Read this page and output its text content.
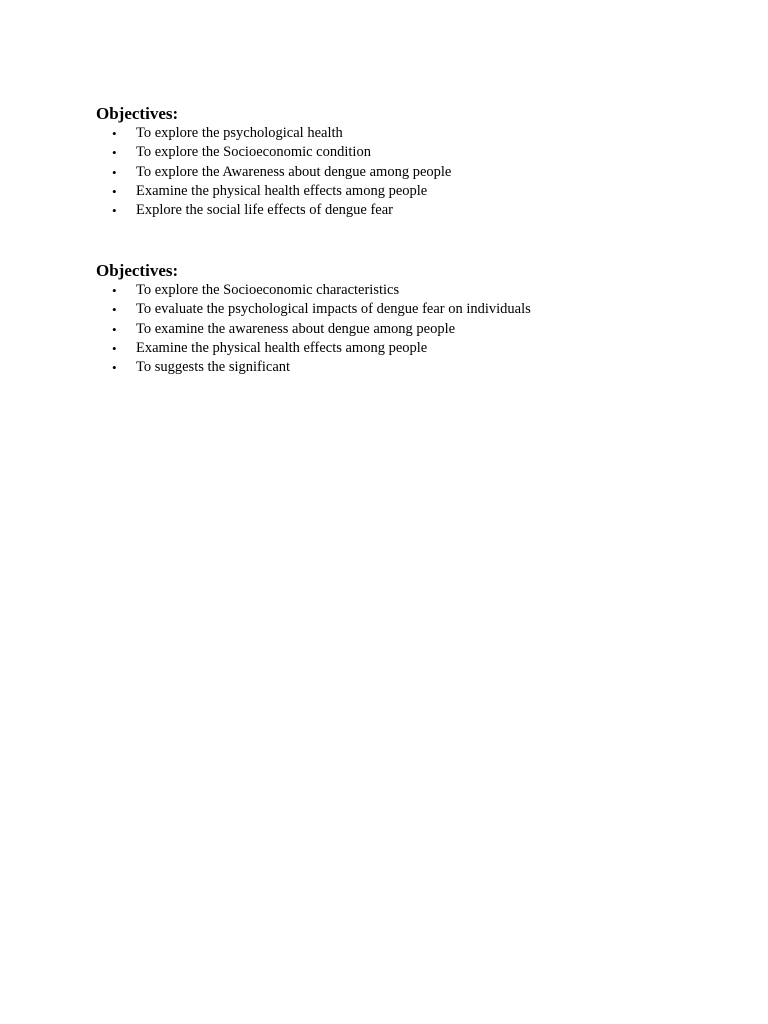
Objectives:
• To explore the psychological health
• To explore the Socioeconomic condition
• To explore the Awareness about dengue among people
• Examine the physical health effects among people
• Explore the social life effects of dengue fear
Objectives:
• To explore the Socioeconomic characteristics
• To evaluate the psychological impacts of dengue fear on individuals
• To examine the awareness about dengue among people
• Examine the physical health effects among people
• To suggests the significant
